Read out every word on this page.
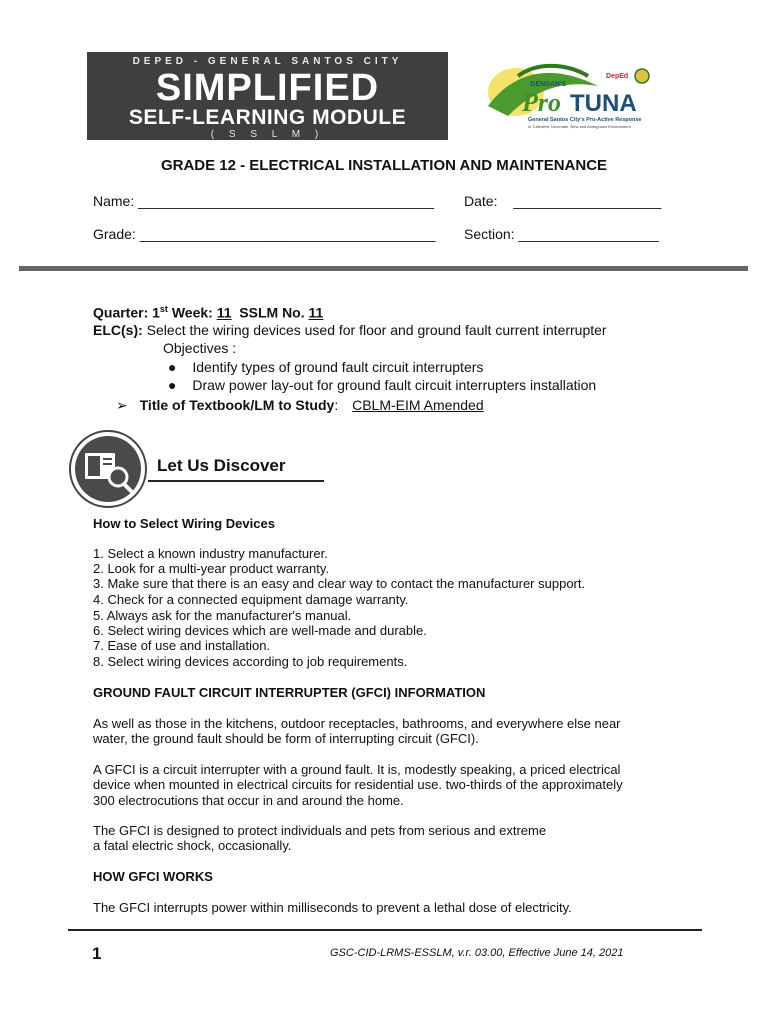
DEPED - GENERAL SANTOS CITY
SIMPLIFIED
SELF-LEARNING MODULE
( S S L M )
GENSAN'S
Pro TUNA
DepEd
General Santos City's Pro-Active Response
in Turbulent, Uncertain, New and Ambiguous Environment
GRADE 12 - ELECTRICAL INSTALLATION AND MAINTENANCE
Name: ______________________________________ Date: ___________________
Grade: ______________________________________ Section: __________________
Quarter: 1st Week: 11  SSLM No. 11
ELC(s): Select the wiring devices used for floor and ground fault current interrupter
Objectives :
● Identify types of ground fault circuit interrupters
● Draw power lay-out for ground fault circuit interrupters installation
➢ Title of Textbook/LM to Study: CBLM-EIM Amended
Let Us Discover
How to Select Wiring Devices
1. Select a known industry manufacturer.
2. Look for a multi-year product warranty.
3. Make sure that there is an easy and clear way to contact the manufacturer support.
4. Check for a connected equipment damage warranty.
5. Always ask for the manufacturer's manual.
6. Select wiring devices which are well-made and durable.
7. Ease of use and installation.
8. Select wiring devices according to job requirements.
GROUND FAULT CIRCUIT INTERRUPTER (GFCI) INFORMATION
As well as those in the kitchens, outdoor receptacles, bathrooms, and everywhere else near
water, the ground fault should be form of interrupting circuit (GFCI).
A GFCI is a circuit interrupter with a ground fault. It is, modestly speaking, a priced electrical
device when mounted in electrical circuits for residential use. two-thirds of the approximately
300 electrocutions that occur in and around the home.
The GFCI is designed to protect individuals and pets from serious and extreme
a fatal electric shock, occasionally.
HOW GFCI WORKS
The GFCI interrupts power within milliseconds to prevent a lethal dose of electricity.
1	GSC-CID-LRMS-ESSLM, v.r. 03.00, Effective June 14, 2021
